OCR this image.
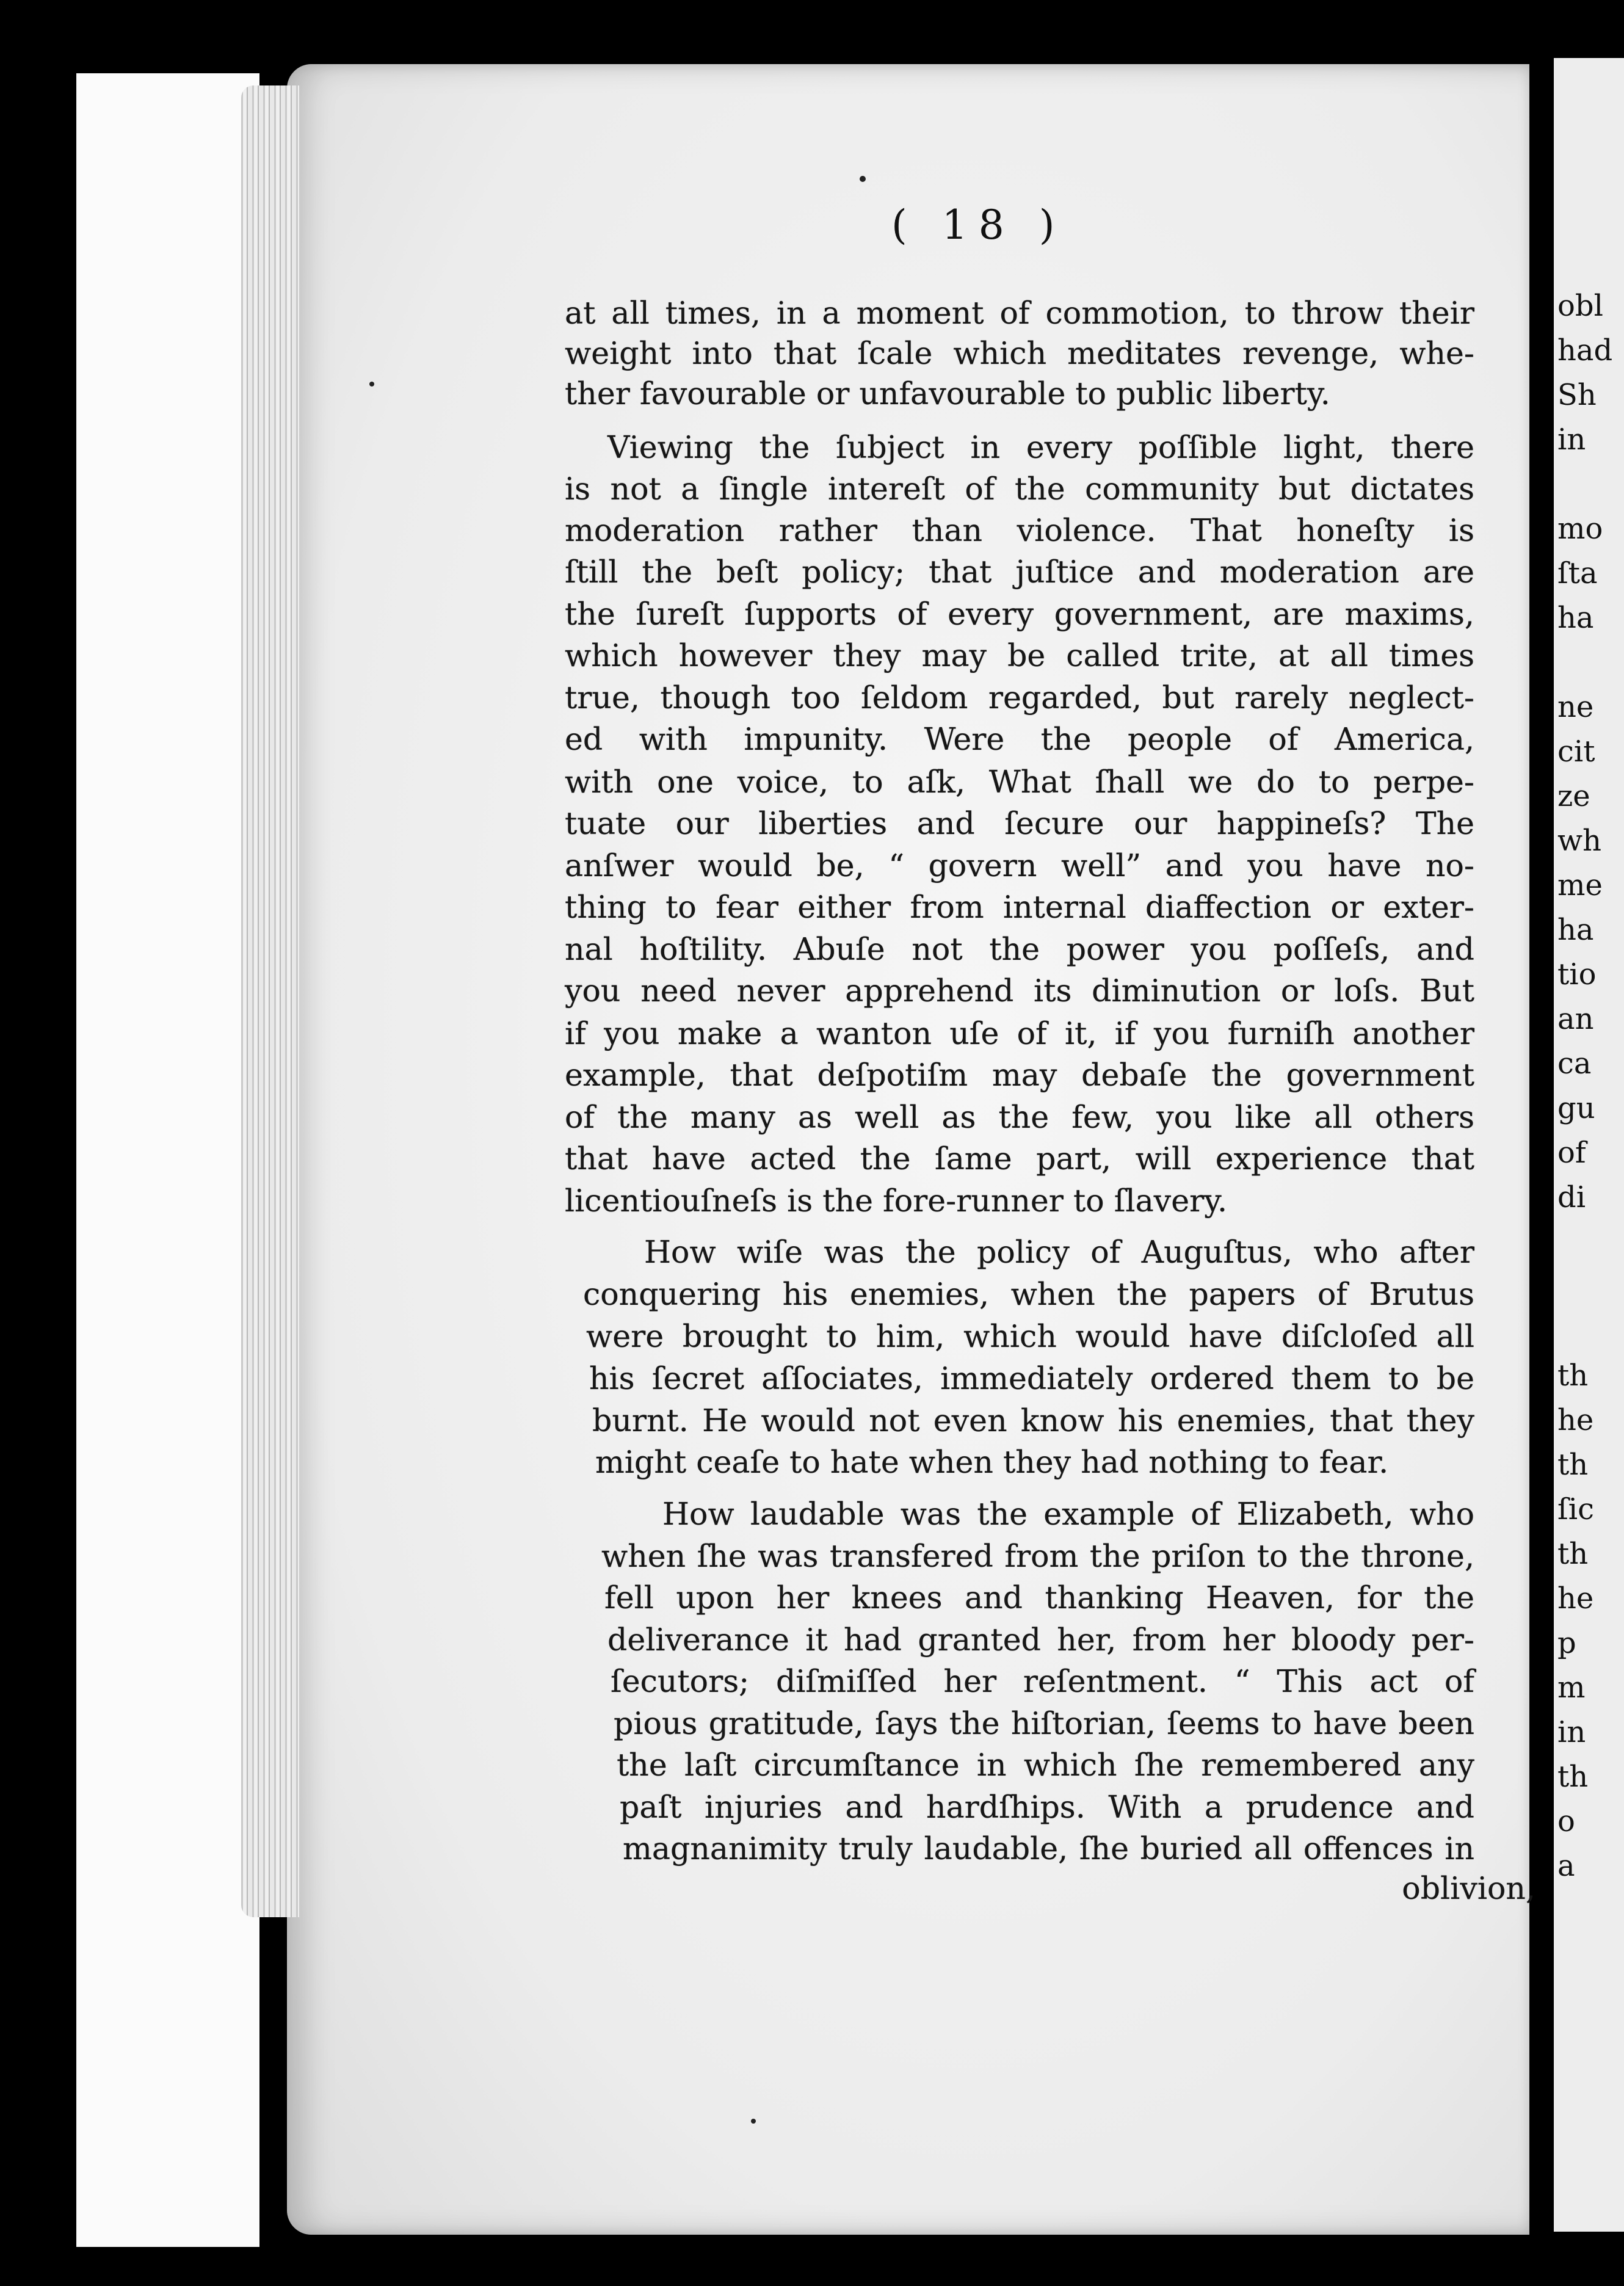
obl
had
Sh
in
mo
ſta
ha
ne
cit
ze
wh
me
ha
tio
an
ca
gu
of
di
th
he
th
ſic
th
he
p
m
in
th
o
a
( 18 )
at all times, in a moment of commotion, to throw their
weight into that ſcale which meditates revenge, whe-
ther favourable or unfavourable to public liberty.
Viewing the ſubject in every poſſible light, there
is not a ſingle intereſt of the community but dictates
moderation rather than violence. That honeſty is
ſtill the beſt policy; that juſtice and moderation are
the ſureſt ſupports of every government, are maxims,
which however they may be called trite, at all times
true, though too ſeldom regarded, but rarely neglect-
ed with impunity. Were the people of America,
with one voice, to aſk, What ſhall we do to perpe-
tuate our liberties and ſecure our happineſs? The
anſwer would be, “ govern well” and you have no-
thing to fear either from internal diaffection or exter-
nal hoſtility. Abuſe not the power you poſſeſs, and
you need never apprehend its diminution or loſs. But
if you make a wanton uſe of it, if you furniſh another
example, that deſpotiſm may debaſe the government
of the many as well as the few, you like all others
that have acted the ſame part, will experience that
licentiouſneſs is the fore-runner to ſlavery.
How wiſe was the policy of Auguſtus, who after
conquering his enemies, when the papers of Brutus
were brought to him, which would have diſcloſed all
his ſecret aſſociates, immediately ordered them to be
burnt. He would not even know his enemies, that they
might ceaſe to hate when they had nothing to fear.
How laudable was the example of Elizabeth, who
when ſhe was transfered from the priſon to the throne,
fell upon her knees and thanking Heaven, for the
deliverance it had granted her, from her bloody per-
ſecutors; diſmiſſed her reſentment. “ This act of
pious gratitude, ſays the hiſtorian, ſeems to have been
the laſt circumſtance in which ſhe remembered any
paſt injuries and hardſhips. With a prudence and
magnanimity truly laudable, ſhe buried all offences in
oblivion,
